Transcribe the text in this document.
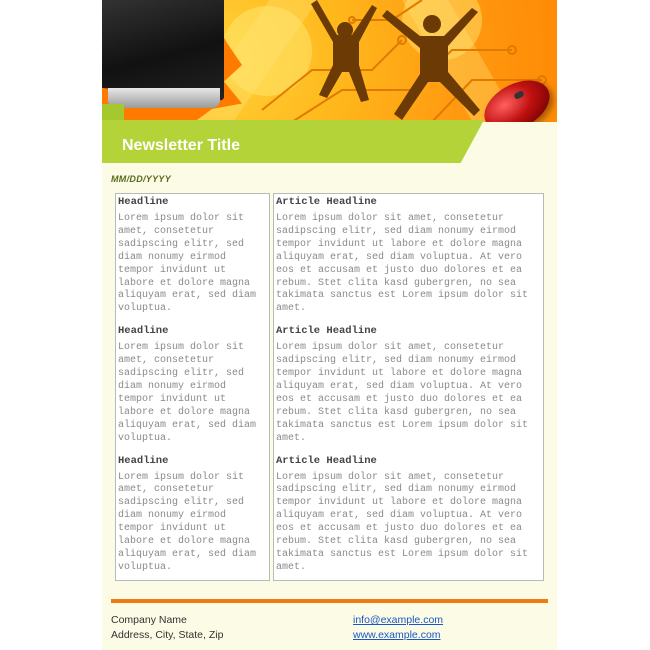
Newsletter Title
MM/DD/YYYY

Headline

Lorem ipsum dolor sit amet, consetetur sadipscing elitr, sed diam nonumy eirmod tempor invidunt ut labore et dolore magna aliquyam erat, sed diam voluptua.

Headline

Lorem ipsum dolor sit amet, consetetur sadipscing elitr, sed diam nonumy eirmod tempor invidunt ut labore et dolore magna aliquyam erat, sed diam voluptua.

Headline

Lorem ipsum dolor sit amet, consetetur sadipscing elitr, sed diam nonumy eirmod tempor invidunt ut labore et dolore magna aliquyam erat, sed diam voluptua.

Article Headline

Lorem ipsum dolor sit amet, consetetur sadipscing elitr, sed diam nonumy eirmod tempor invidunt ut labore et dolore magna aliquyam erat, sed diam voluptua. At vero eos et accusam et justo duo dolores et ea rebum. Stet clita kasd gubergren, no sea takimata sanctus est Lorem ipsum dolor sit amet.

Article Headline

Lorem ipsum dolor sit amet, consetetur sadipscing elitr, sed diam nonumy eirmod tempor invidunt ut labore et dolore magna aliquyam erat, sed diam voluptua. At vero eos et accusam et justo duo dolores et ea rebum. Stet clita kasd gubergren, no sea takimata sanctus est Lorem ipsum dolor sit amet.

Article Headline

Lorem ipsum dolor sit amet, consetetur sadipscing elitr, sed diam nonumy eirmod tempor invidunt ut labore et dolore magna aliquyam erat, sed diam voluptua. At vero eos et accusam et justo duo dolores et ea rebum. Stet clita kasd gubergren, no sea takimata sanctus est Lorem ipsum dolor sit amet.

Company Name
Address, City, State, Zip
info@example.com
www.example.com
